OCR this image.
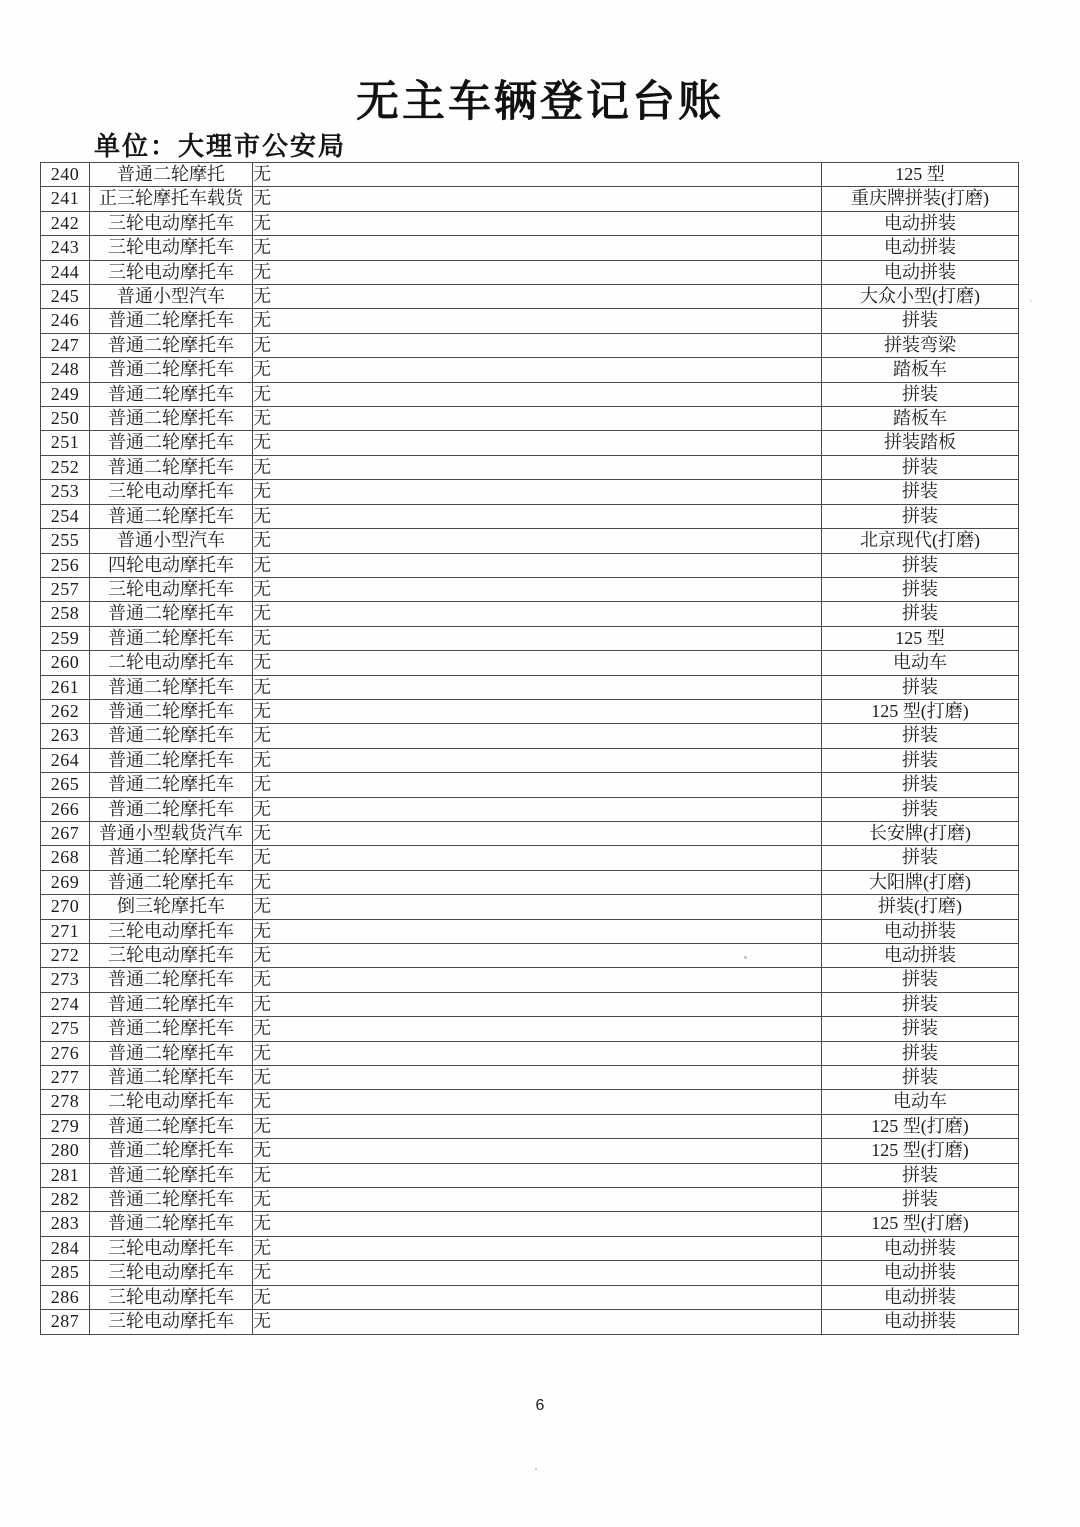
无主车辆登记台账
单位：大理市公安局
240	普通二轮摩托	无	125 型
241	正三轮摩托车载货	无	重庆牌拼装(打磨)
242	三轮电动摩托车	无	电动拼装
243	三轮电动摩托车	无	电动拼装
244	三轮电动摩托车	无	电动拼装
245	普通小型汽车	无	大众小型(打磨)
246	普通二轮摩托车	无	拼装
247	普通二轮摩托车	无	拼装弯梁
248	普通二轮摩托车	无	踏板车
249	普通二轮摩托车	无	拼装
250	普通二轮摩托车	无	踏板车
251	普通二轮摩托车	无	拼装踏板
252	普通二轮摩托车	无	拼装
253	三轮电动摩托车	无	拼装
254	普通二轮摩托车	无	拼装
255	普通小型汽车	无	北京现代(打磨)
256	四轮电动摩托车	无	拼装
257	三轮电动摩托车	无	拼装
258	普通二轮摩托车	无	拼装
259	普通二轮摩托车	无	125 型
260	二轮电动摩托车	无	电动车
261	普通二轮摩托车	无	拼装
262	普通二轮摩托车	无	125 型(打磨)
263	普通二轮摩托车	无	拼装
264	普通二轮摩托车	无	拼装
265	普通二轮摩托车	无	拼装
266	普通二轮摩托车	无	拼装
267	普通小型载货汽车	无	长安牌(打磨)
268	普通二轮摩托车	无	拼装
269	普通二轮摩托车	无	大阳牌(打磨)
270	倒三轮摩托车	无	拼装(打磨)
271	三轮电动摩托车	无	电动拼装
272	三轮电动摩托车	无	电动拼装
273	普通二轮摩托车	无	拼装
274	普通二轮摩托车	无	拼装
275	普通二轮摩托车	无	拼装
276	普通二轮摩托车	无	拼装
277	普通二轮摩托车	无	拼装
278	二轮电动摩托车	无	电动车
279	普通二轮摩托车	无	125 型(打磨)
280	普通二轮摩托车	无	125 型(打磨)
281	普通二轮摩托车	无	拼装
282	普通二轮摩托车	无	拼装
283	普通二轮摩托车	无	125 型(打磨)
284	三轮电动摩托车	无	电动拼装
285	三轮电动摩托车	无	电动拼装
286	三轮电动摩托车	无	电动拼装
287	三轮电动摩托车	无	电动拼装
6
